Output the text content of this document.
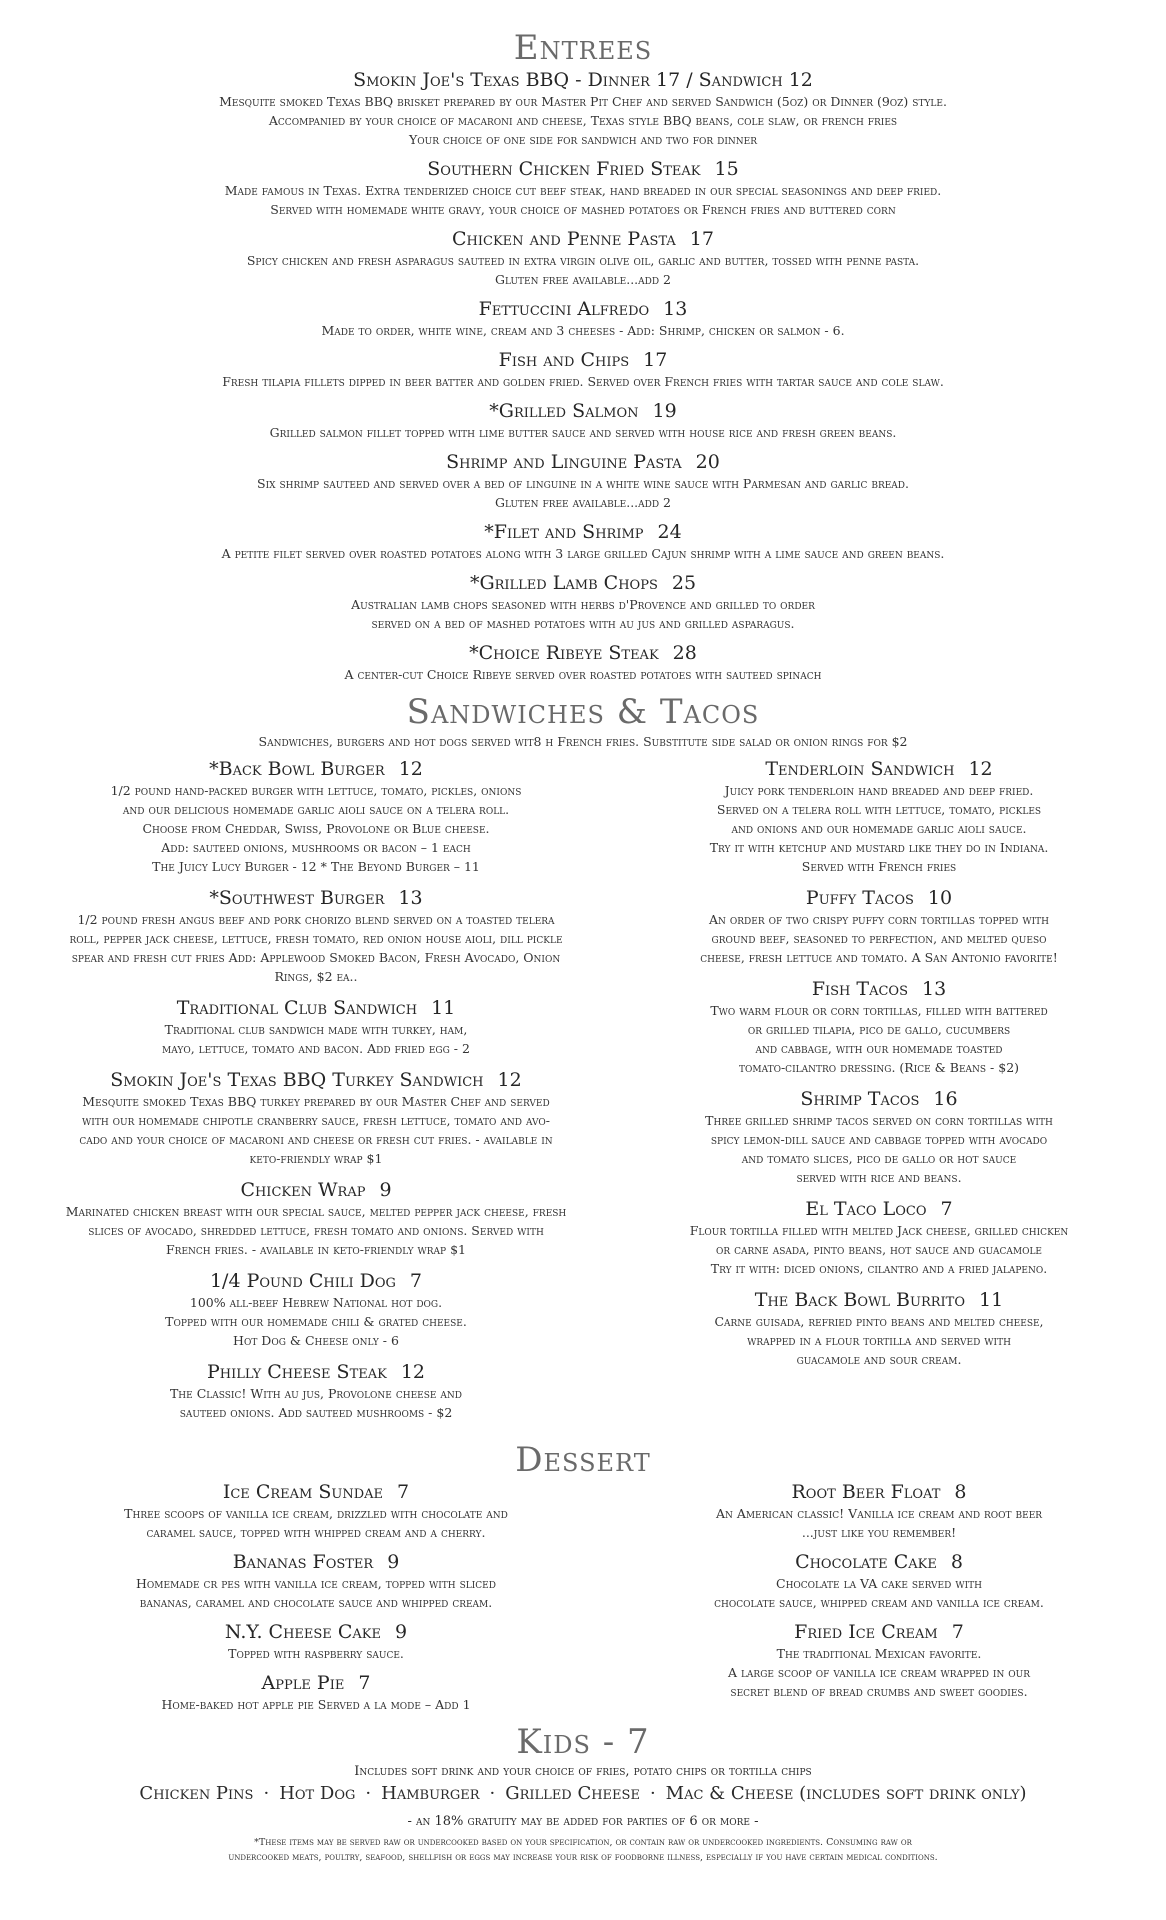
Entrees
Smokin Joe's Texas BBQ - Dinner 17 / Sandwich 12
Mesquite smoked Texas BBQ brisket prepared by our Master Pit Chef and served Sandwich (5oz) or Dinner (9oz) style.
Accompanied by your choice of macaroni and cheese, Texas style BBQ beans, cole slaw, or french fries
Your choice of one side for sandwich and two for dinner
Southern Chicken Fried Steak 15
Made famous in Texas. Extra tenderized choice cut beef steak, hand breaded in our special seasonings and deep fried.
Served with homemade white gravy, your choice of mashed potatoes or French fries and buttered corn
Chicken and Penne Pasta 17
Spicy chicken and fresh asparagus sauteed in extra virgin olive oil, garlic and butter, tossed with penne pasta.
Gluten free available...add 2
Fettuccini Alfredo 13
Made to order, white wine, cream and 3 cheeses - Add: Shrimp, chicken or salmon - 6.
Fish and Chips 17
Fresh tilapia fillets dipped in beer batter and golden fried. Served over French fries with tartar sauce and cole slaw.
*Grilled Salmon 19
Grilled salmon fillet topped with lime butter sauce and served with house rice and fresh green beans.
Shrimp and Linguine Pasta 20
Six shrimp sauteed and served over a bed of linguine in a white wine sauce with Parmesan and garlic bread.
Gluten free available...add 2
*Filet and Shrimp 24
A petite filet served over roasted potatoes along with 3 large grilled Cajun shrimp with a lime sauce and green beans.
*Grilled Lamb Chops 25
Australian lamb chops seasoned with herbs d'Provence and grilled to order
served on a bed of mashed potatoes with au jus and grilled asparagus.
*Choice Ribeye Steak 28
A center-cut Choice Ribeye served over roasted potatoes with sauteed spinach
Sandwiches & Tacos
Sandwiches, burgers and hot dogs served wit8 h French fries. Substitute side salad or onion rings for $2
*Back Bowl Burger 12
1/2 pound hand-packed burger with lettuce, tomato, pickles, onions
and our delicious homemade garlic aioli sauce on a telera roll.
Choose from Cheddar, Swiss, Provolone or Blue cheese.
Add: sauteed onions, mushrooms or bacon – 1 each
The Juicy Lucy Burger - 12 * The Beyond Burger – 11
*Southwest Burger 13
1/2 pound fresh angus beef and pork chorizo blend served on a toasted telera
roll, pepper jack cheese, lettuce, fresh tomato, red onion house aioli, dill pickle
spear and fresh cut fries Add: Applewood Smoked Bacon, Fresh Avocado, Onion
Rings, $2 ea..
Traditional Club Sandwich 11
Traditional club sandwich made with turkey, ham,
mayo, lettuce, tomato and bacon. Add fried egg - 2
Smokin Joe's Texas BBQ Turkey Sandwich 12
Mesquite smoked Texas BBQ turkey prepared by our Master Chef and served
with our homemade chipotle cranberry sauce, fresh lettuce, tomato and avo-
cado and your choice of macaroni and cheese or fresh cut fries. - available in
keto-friendly wrap $1
Chicken Wrap 9
Marinated chicken breast with our special sauce, melted pepper jack cheese, fresh
slices of avocado, shredded lettuce, fresh tomato and onions. Served with
French fries. - available in keto-friendly wrap $1
1/4 Pound Chili Dog 7
100% all-beef Hebrew National hot dog.
Topped with our homemade chili & grated cheese.
Hot Dog & Cheese only - 6
Philly Cheese Steak 12
The Classic! With au jus, Provolone cheese and
sauteed onions. Add sauteed mushrooms - $2
Tenderloin Sandwich 12
Juicy pork tenderloin hand breaded and deep fried.
Served on a telera roll with lettuce, tomato, pickles
and onions and our homemade garlic aioli sauce.
Try it with ketchup and mustard like they do in Indiana.
Served with French fries
Puffy Tacos 10
An order of two crispy puffy corn tortillas topped with
ground beef, seasoned to perfection, and melted queso
cheese, fresh lettuce and tomato. A San Antonio favorite!
Fish Tacos 13
Two warm flour or corn tortillas, filled with battered
or grilled tilapia, pico de gallo, cucumbers
and cabbage, with our homemade toasted
tomato-cilantro dressing. (Rice & Beans - $2)
Shrimp Tacos 16
Three grilled shrimp tacos served on corn tortillas with
spicy lemon-dill sauce and cabbage topped with avocado
and tomato slices, pico de gallo or hot sauce
served with rice and beans.
El Taco Loco 7
Flour tortilla filled with melted Jack cheese, grilled chicken
or carne asada, pinto beans, hot sauce and guacamole
Try it with: diced onions, cilantro and a fried jalapeno.
The Back Bowl Burrito 11
Carne guisada, refried pinto beans and melted cheese,
wrapped in a flour tortilla and served with
guacamole and sour cream.
Dessert
Ice Cream Sundae 7
Three scoops of vanilla ice cream, drizzled with chocolate and
caramel sauce, topped with whipped cream and a cherry.
Bananas Foster 9
Homemade cr pes with vanilla ice cream, topped with sliced
bananas, caramel and chocolate sauce and whipped cream.
N.Y. Cheese Cake 9
Topped with raspberry sauce.
Apple Pie 7
Home-baked hot apple pie Served a la mode – Add 1
Root Beer Float 8
An American classic! Vanilla ice cream and root beer
...just like you remember!
Chocolate Cake 8
Chocolate la VA cake served with
chocolate sauce, whipped cream and vanilla ice cream.
Fried Ice Cream 7
The traditional Mexican favorite.
A large scoop of vanilla ice cream wrapped in our
secret blend of bread crumbs and sweet goodies.
Kids - 7
Includes soft drink and your choice of fries, potato chips or tortilla chips
Chicken Pins · Hot Dog · Hamburger · Grilled Cheese · Mac & Cheese (includes soft drink only)
- an 18% gratuity may be added for parties of 6 or more -
*These items may be served raw or undercooked based on your specification, or contain raw or undercooked ingredients. Consuming raw or
undercooked meats, poultry, seafood, shellfish or eggs may increase your risk of foodborne illness, especially if you have certain medical conditions.
